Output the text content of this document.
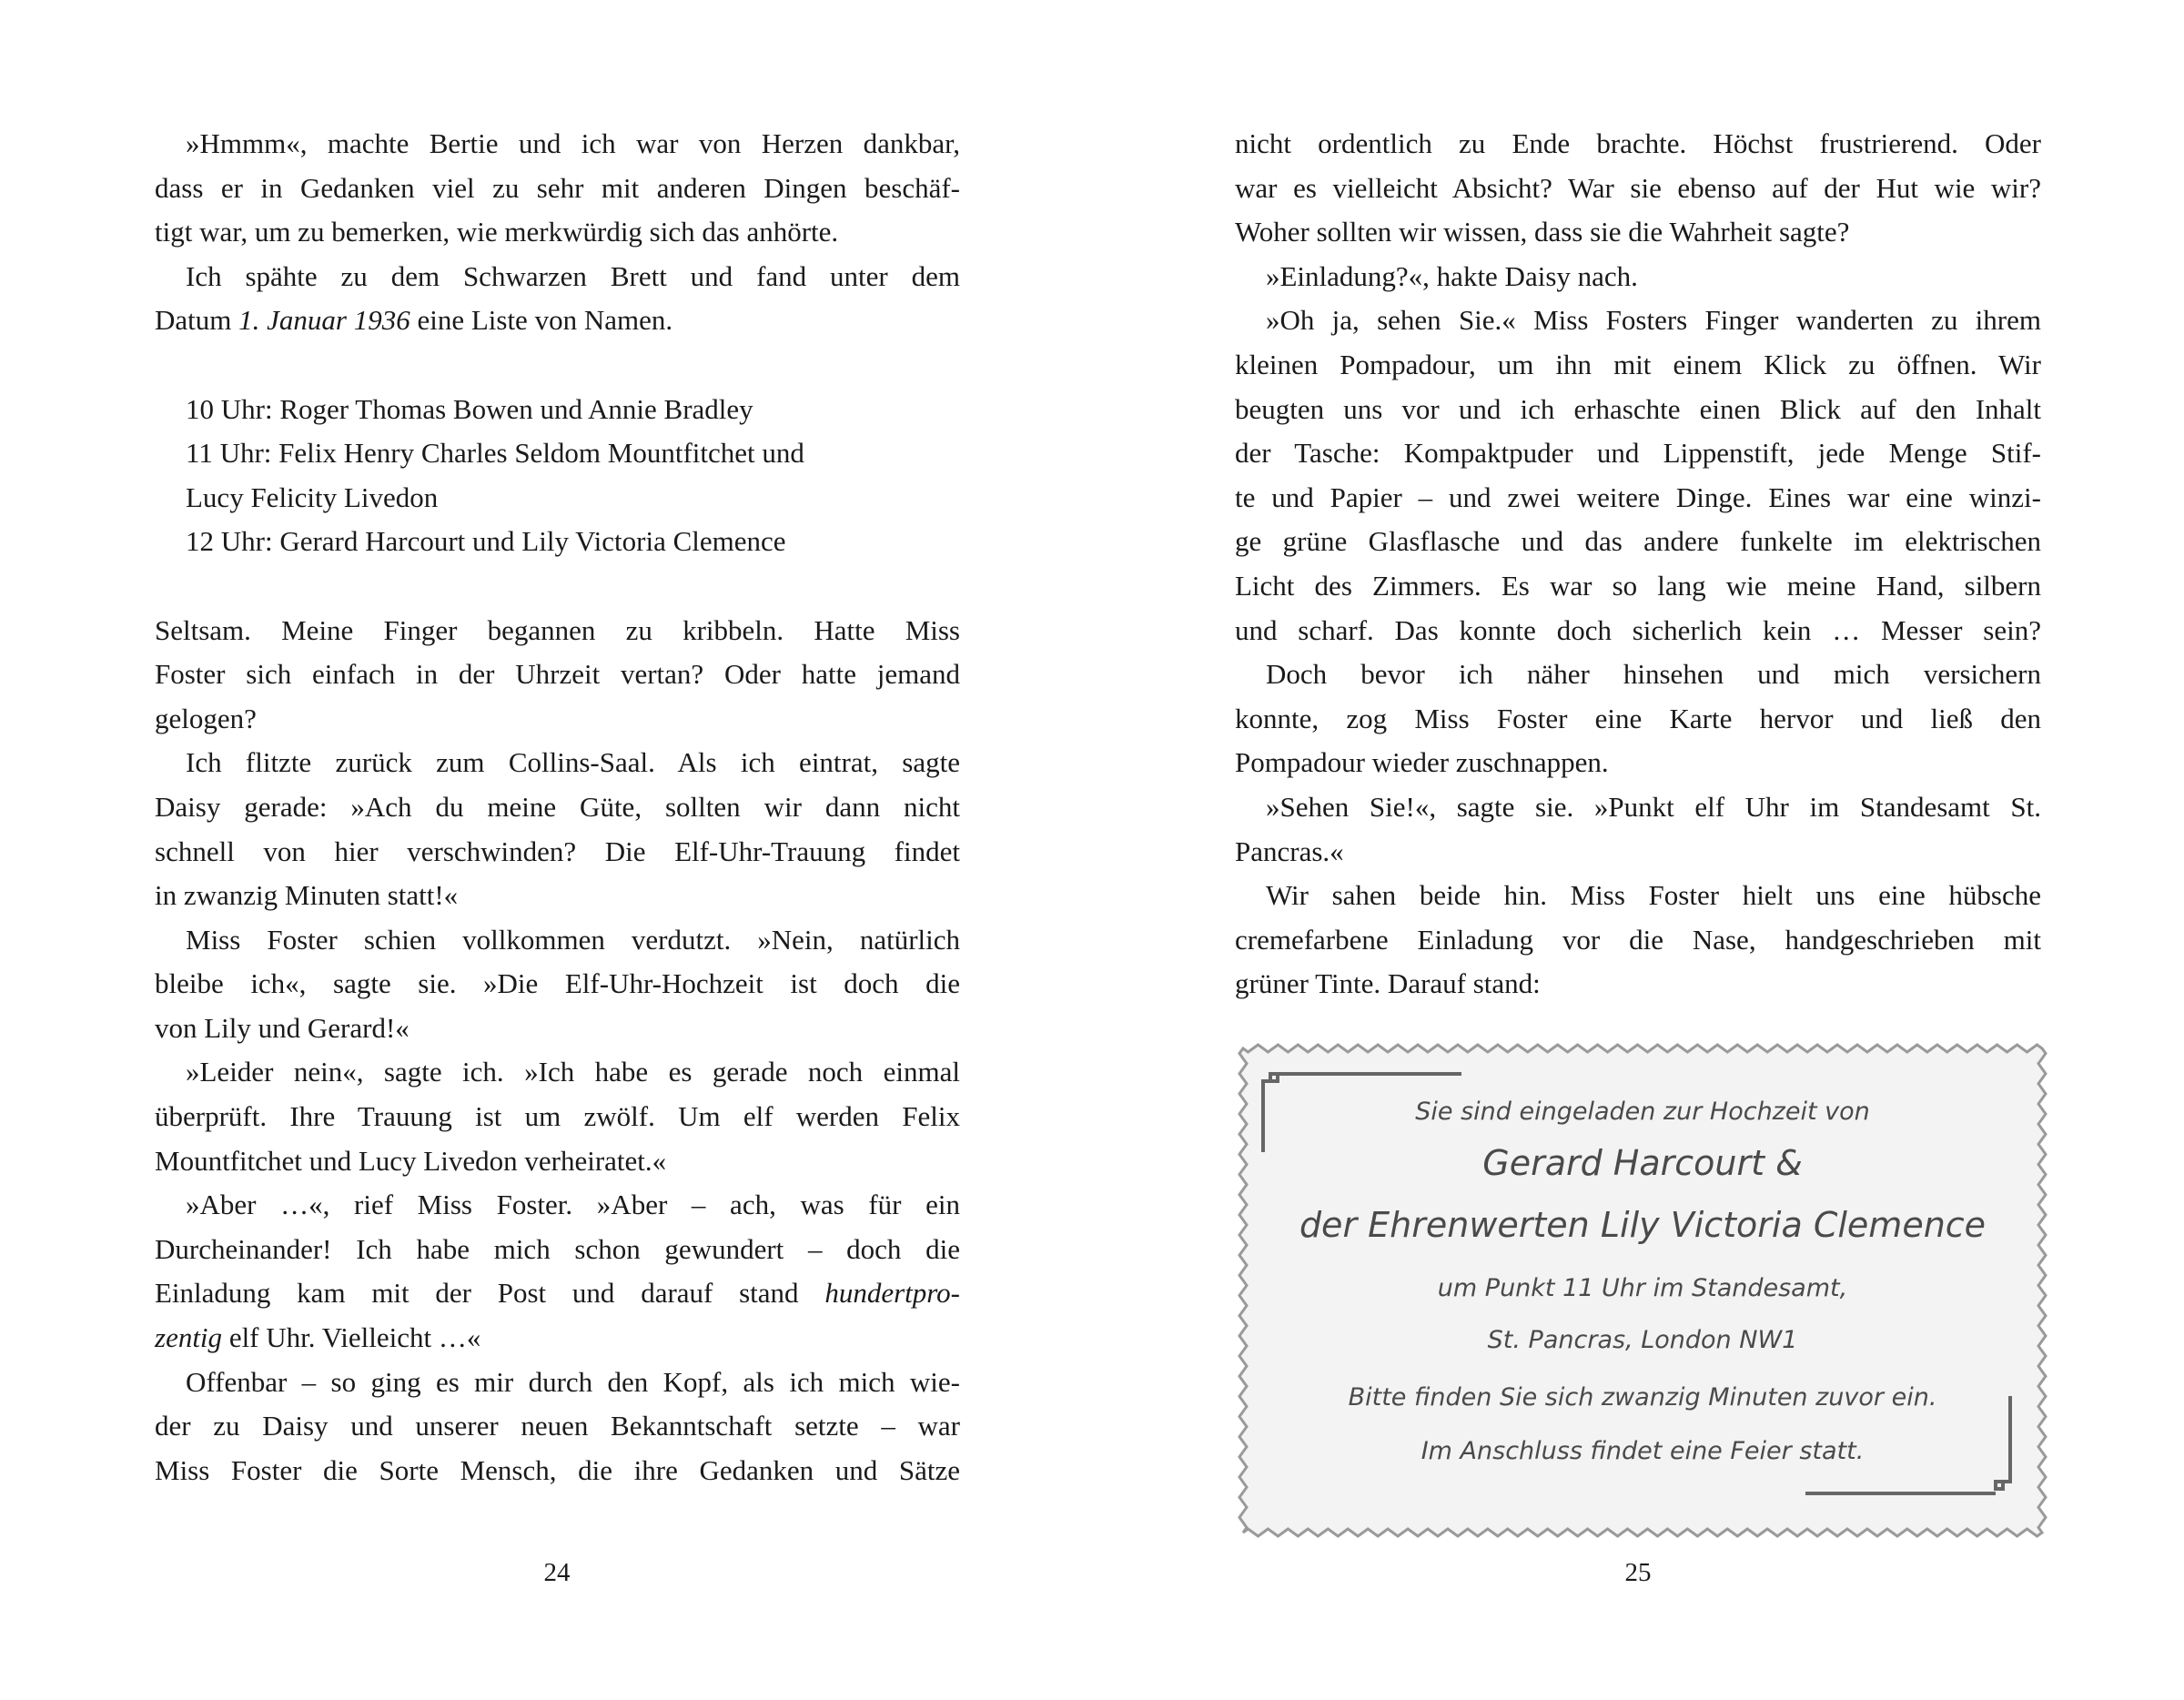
»Hmmm«, machte Bertie und ich war von Herzen dankbar,
dass er in Gedanken viel zu sehr mit anderen Dingen beschäf-
tigt war, um zu bemerken, wie merkwürdig sich das anhörte.
Ich spähte zu dem Schwarzen Brett und fand unter dem
Datum 1. Januar 1936 eine Liste von Namen.
10 Uhr: Roger Thomas Bowen und Annie Bradley
11 Uhr: Felix Henry Charles Seldom Mountfitchet und
Lucy Felicity Livedon
12 Uhr: Gerard Harcourt und Lily Victoria Clemence
Seltsam. Meine Finger begannen zu kribbeln. Hatte Miss
Foster sich einfach in der Uhrzeit vertan? Oder hatte jemand
gelogen?
Ich flitzte zurück zum Collins-Saal. Als ich eintrat, sagte
Daisy gerade: »Ach du meine Güte, sollten wir dann nicht
schnell von hier verschwinden? Die Elf-Uhr-Trauung findet
in zwanzig Minuten statt!«
Miss Foster schien vollkommen verdutzt. »Nein, natürlich
bleibe ich«, sagte sie. »Die Elf-Uhr-Hochzeit ist doch die
von Lily und Gerard!«
»Leider nein«, sagte ich. »Ich habe es gerade noch einmal
überprüft. Ihre Trauung ist um zwölf. Um elf werden Felix
Mountfitchet und Lucy Livedon verheiratet.«
»Aber …«, rief Miss Foster. »Aber – ach, was für ein
Durcheinander! Ich habe mich schon gewundert – doch die
Einladung kam mit der Post und darauf stand hundertpro-
zentig elf Uhr. Vielleicht …«
Offenbar – so ging es mir durch den Kopf, als ich mich wie-
der zu Daisy und unserer neuen Bekanntschaft setzte – war
Miss Foster die Sorte Mensch, die ihre Gedanken und Sätze
nicht ordentlich zu Ende brachte. Höchst frustrierend. Oder
war es vielleicht Absicht? War sie ebenso auf der Hut wie wir?
Woher sollten wir wissen, dass sie die Wahrheit sagte?
»Einladung?«, hakte Daisy nach.
»Oh ja, sehen Sie.« Miss Fosters Finger wanderten zu ihrem
kleinen Pompadour, um ihn mit einem Klick zu öffnen. Wir
beugten uns vor und ich erhaschte einen Blick auf den Inhalt
der Tasche: Kompaktpuder und Lippenstift, jede Menge Stif-
te und Papier – und zwei weitere Dinge. Eines war eine winzi-
ge grüne Glasflasche und das andere funkelte im elektrischen
Licht des Zimmers. Es war so lang wie meine Hand, silbern
und scharf. Das konnte doch sicherlich kein … Messer sein?
Doch bevor ich näher hinsehen und mich versichern
konnte, zog Miss Foster eine Karte hervor und ließ den
Pompadour wieder zuschnappen.
»Sehen Sie!«, sagte sie. »Punkt elf Uhr im Standesamt St.
Pancras.«
Wir sahen beide hin. Miss Foster hielt uns eine hübsche
cremefarbene Einladung vor die Nase, handgeschrieben mit
grüner Tinte. Darauf stand:
Sie sind eingeladen zur Hochzeit von
Gerard Harcourt &
der Ehrenwerten Lily Victoria Clemence
um Punkt 11 Uhr im Standesamt,
St. Pancras, London NW1
Bitte finden Sie sich zwanzig Minuten zuvor ein.
Im Anschluss findet eine Feier statt.
24	25
